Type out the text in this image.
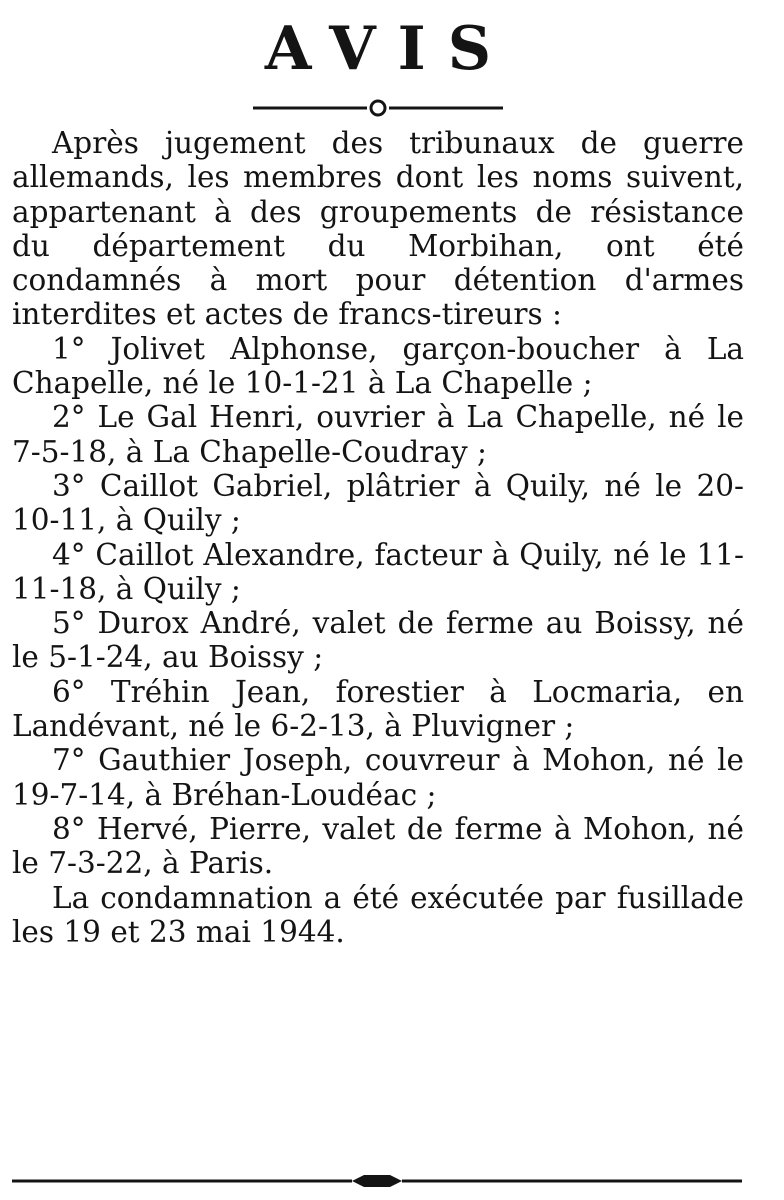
AVIS

Après jugement des tribunaux de guerre allemands, les membres dont les noms suivent, appartenant à des groupements de résistance du département du Morbihan, ont été condamnés à mort pour détention d'armes interdites et actes de francs-tireurs :

1° Jolivet Alphonse, garçon-boucher à La Chapelle, né le 10-1-21 à La Chapelle ;

2° Le Gal Henri, ouvrier à La Chapelle, né le 7-5-18, à La Chapelle-Coudray ;

3° Caillot Gabriel, plâtrier à Quily, né le 20-10-11, à Quily ;

4° Caillot Alexandre, facteur à Quily, né le 11-11-18, à Quily ;

5° Durox André, valet de ferme au Boissy, né le 5-1-24, au Boissy ;

6° Tréhin Jean, forestier à Locmaria, en Landévant, né le 6-2-13, à Pluvigner ;

7° Gauthier Joseph, couvreur à Mohon, né le 19-7-14, à Bréhan-Loudéac ;

8° Hervé, Pierre, valet de ferme à Mohon, né le 7-3-22, à Paris.

La condamnation a été exécutée par fusillade les 19 et 23 mai 1944.
